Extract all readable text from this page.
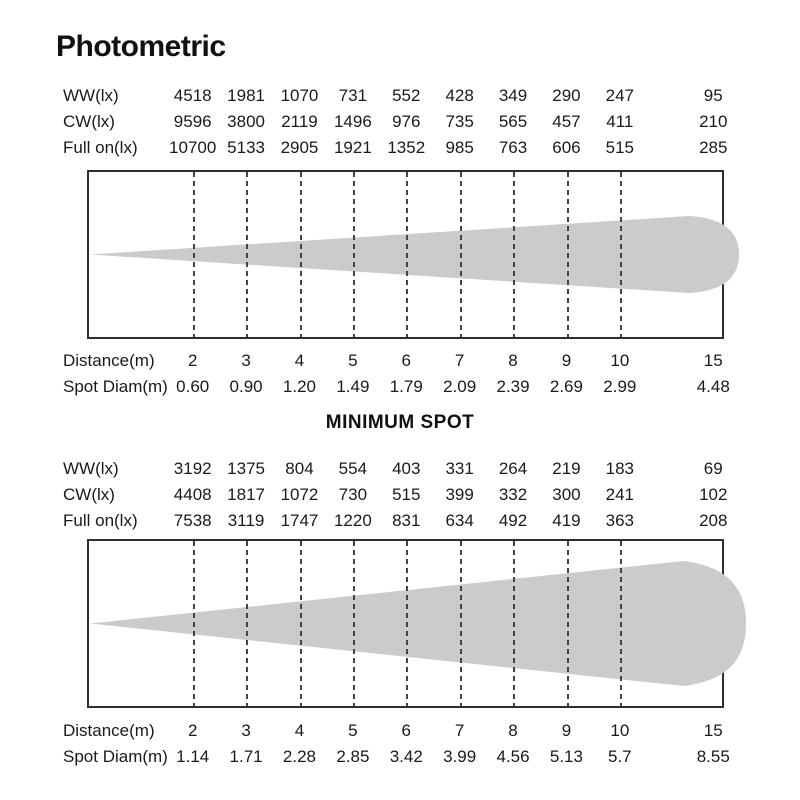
Photometric
WW(lx)	4518 1981 1070	731	552	428	349	290	247	95
CW(lx)	9596 3800 2119 1496	976	735	565	457	411	210
Full on(lx)	10700 5133 2905 1921 1352	985	763	606	515	285
Distance(m)	2	3	4	5	6	7	8	9	10	15
Spot Diam(m) 0.60	0.90	1.20	1.49	1.79	2.09	2.39	2.69	2.99	4.48
MINIMUM SPOT
WW(lx)	3192 1375	804	554	403	331	264	219	183	69
CW(lx)	4408 1817 1072	730	515	399	332	300	241	102
Full on(lx)	7538 3119 1747 1220	831	634	492	419	363	208
Distance(m)	2	3	4	5	6	7	8	9	10	15
Spot Diam(m) 1.14	1.71	2.28	2.85	3.42	3.99	4.56	5.13	5.7	8.55
